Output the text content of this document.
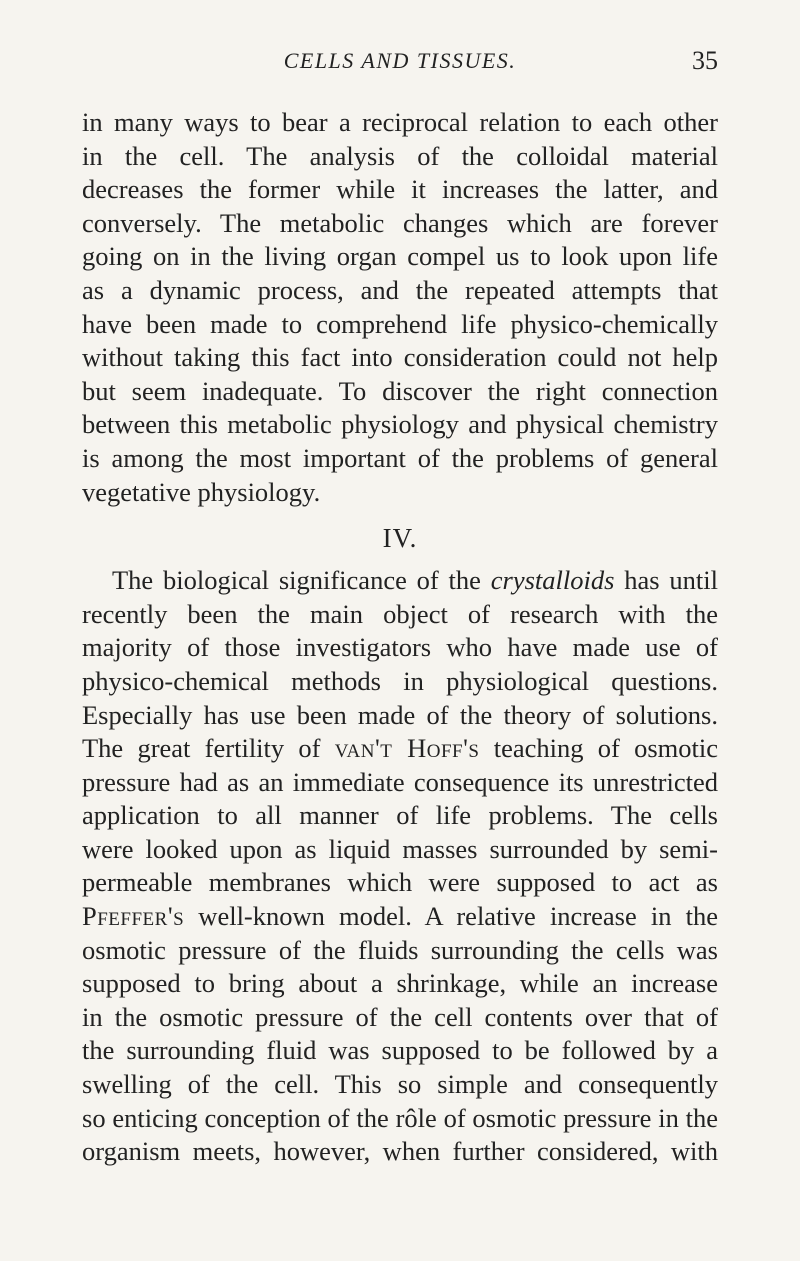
CELLS AND TISSUES.	35

in many ways to bear a reciprocal relation to each other
in the cell. The analysis of the colloidal material
decreases the former while it increases the latter, and
conversely. The metabolic changes which are forever
going on in the living organ compel us to look upon life
as a dynamic process, and the repeated attempts that
have been made to comprehend life physico-chemically
without taking this fact into consideration could not help
but seem inadequate. To discover the right connection
between this metabolic physiology and physical chemistry
is among the most important of the problems of general
vegetative physiology.

IV.

The biological significance of the crystalloids has until
recently been the main object of research with the
majority of those investigators who have made use of
physico-chemical methods in physiological questions.
Especially has use been made of the theory of solutions.
The great fertility of van't Hoff's teaching of osmotic
pressure had as an immediate consequence its unrestricted
application to all manner of life problems. The cells
were looked upon as liquid masses surrounded by semi-
permeable membranes which were supposed to act as
Pfeffer's well-known model. A relative increase in the
osmotic pressure of the fluids surrounding the cells was
supposed to bring about a shrinkage, while an increase
in the osmotic pressure of the cell contents over that of
the surrounding fluid was supposed to be followed by a
swelling of the cell. This so simple and consequently
so enticing conception of the rôle of osmotic pressure in the
organism meets, however, when further considered, with
